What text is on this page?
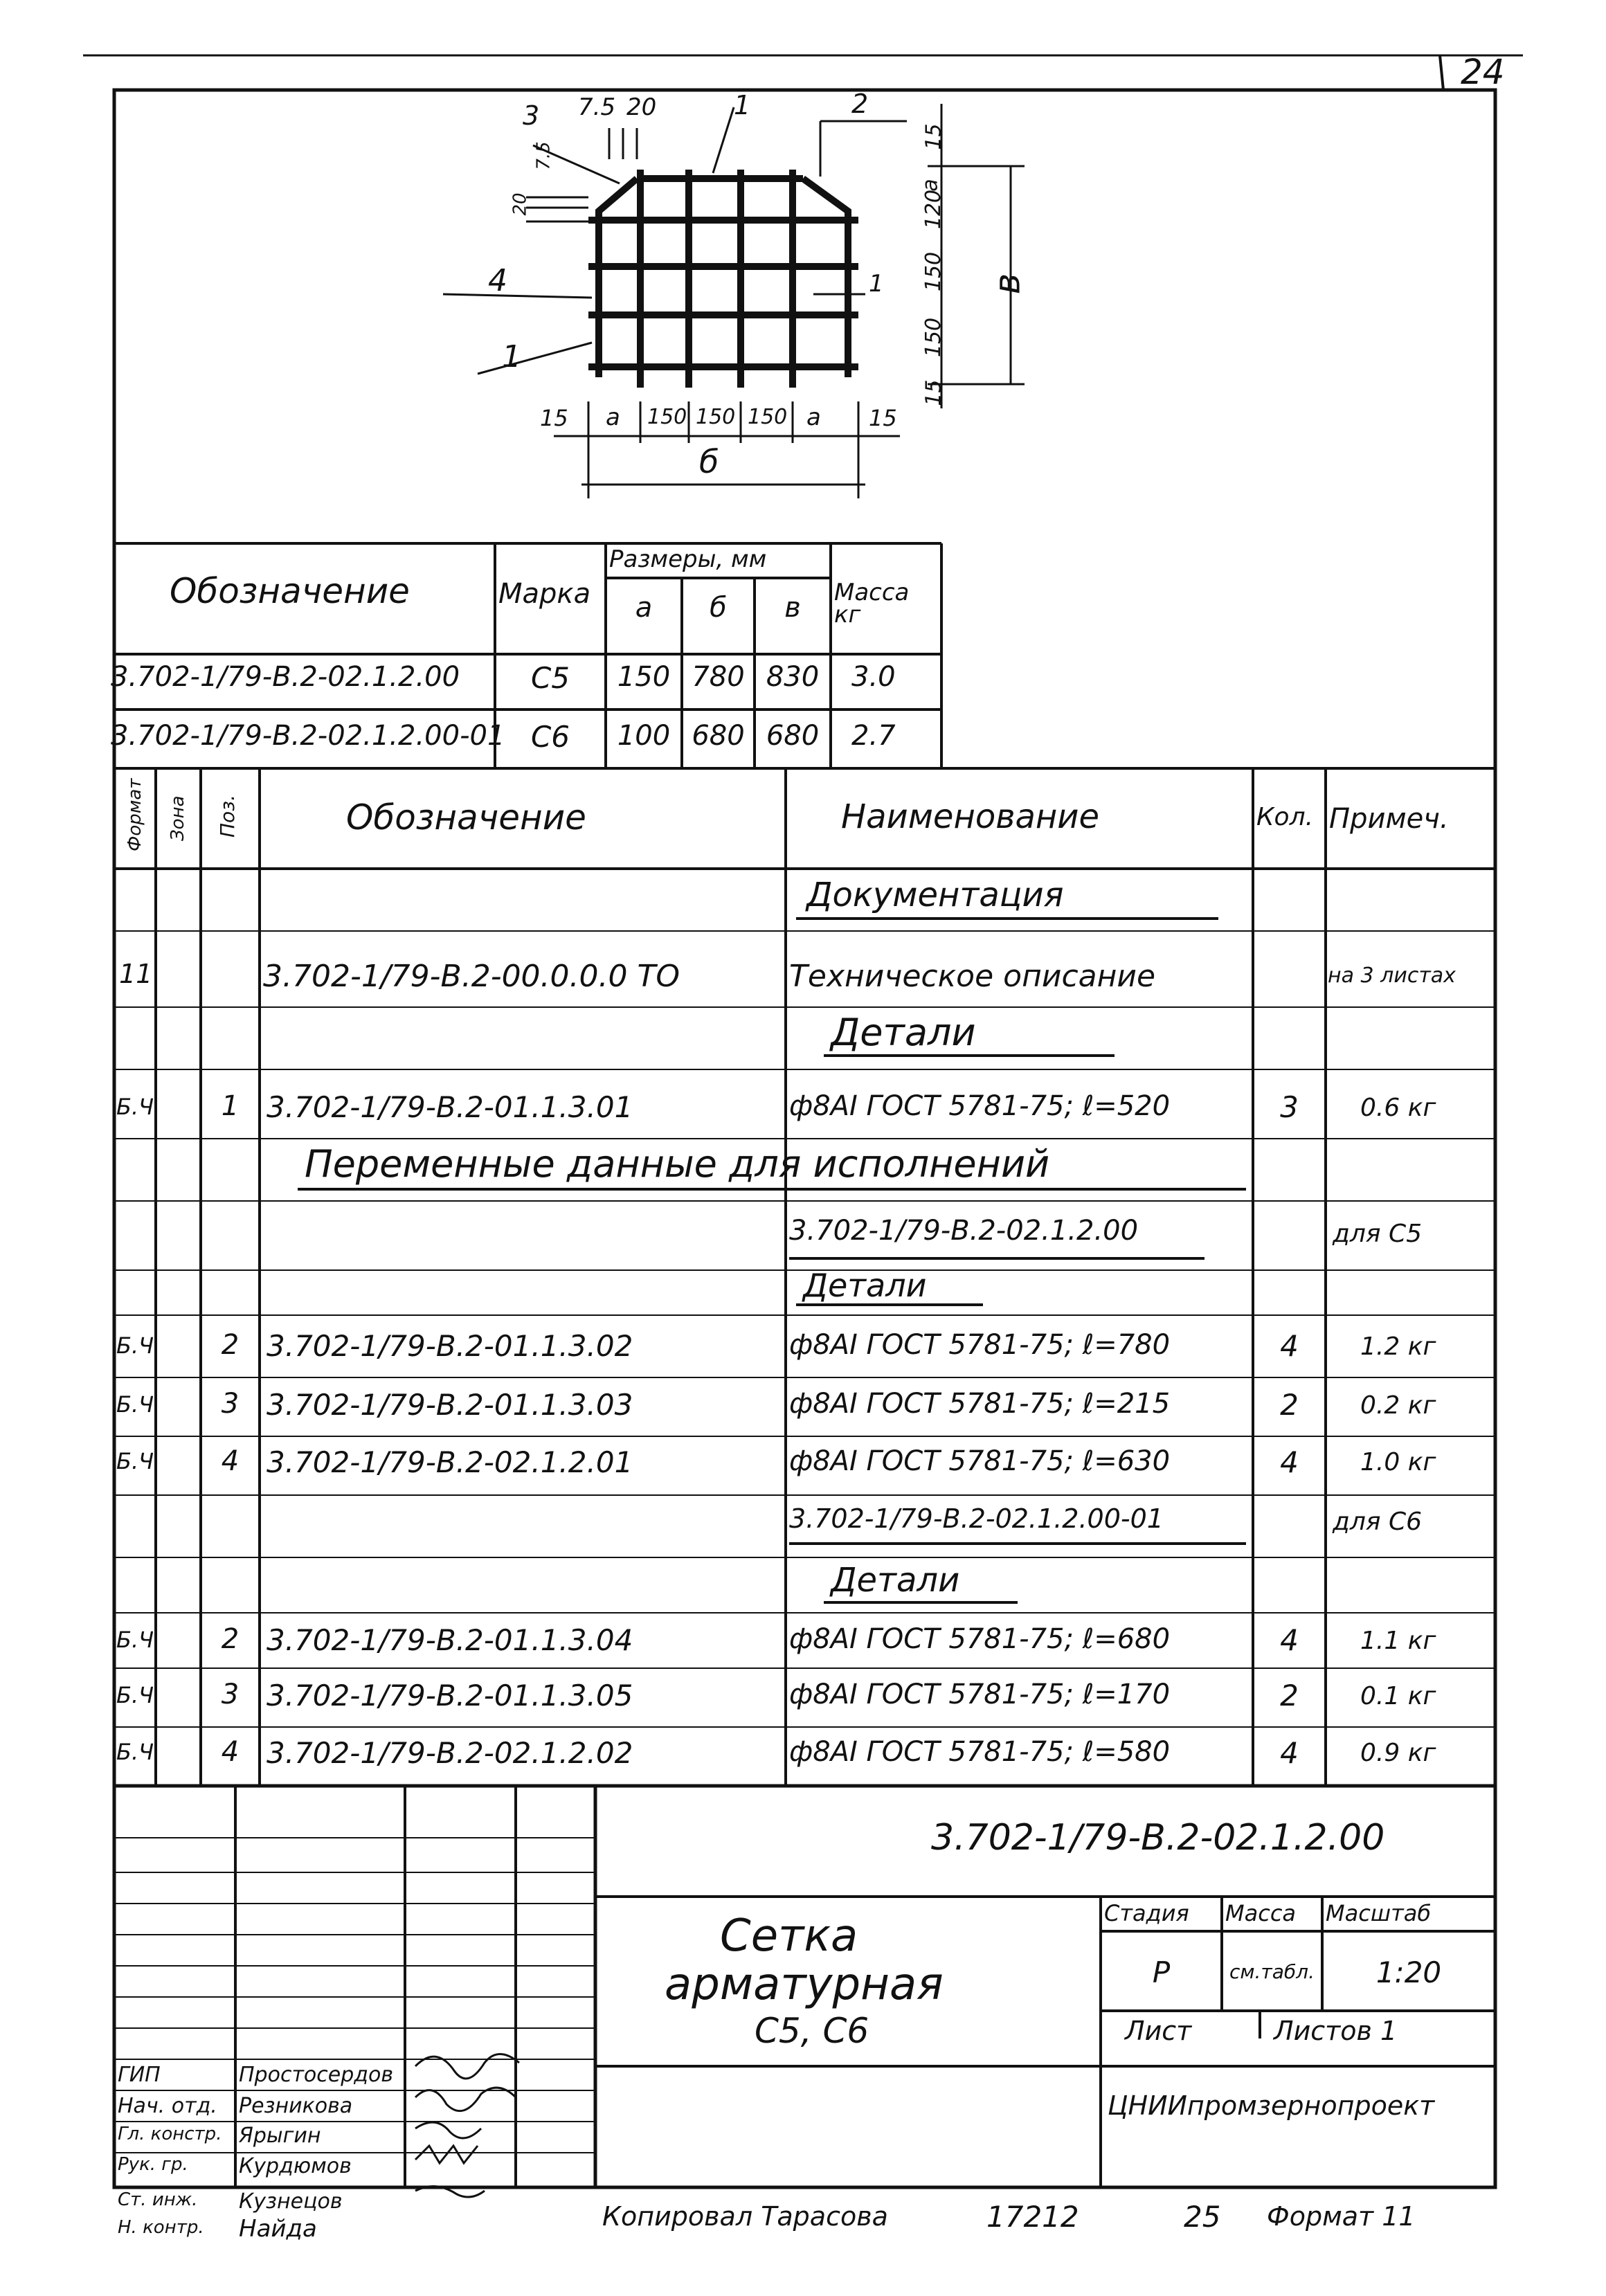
24
3 7.5 20	1	2
4
1
1
15
120
a
150
150
15
в
20
7.5
15 a 150 150 150 a 15
б
Обозначение	Марка
Размеры, мм
а	б	в	Масса кг
3.702-1/79-В.2-02.1.2.00	С5	150 780 830	3.0
3.702-1/79-В.2-02.1.2.00-01 С6	100 680 680	2.7
Формат Зона Поз.	Обозначение	Наименование	Кол. Примеч.
Документация
11	3.702-1/79-В.2-00.0.0.0 ТО	Техническое описание	на 3 листах
Детали
Б.Ч	1 3.702-1/79-В.2-01.1.3.01	ф8АI ГОСТ 5781-75; ℓ=520	3	0.6 кг
Переменные данные для исполнений
3.702-1/79-В.2-02.1.2.00	для С5
Детали
Б.Ч	2 3.702-1/79-В.2-01.1.3.02	ф8АI ГОСТ 5781-75; ℓ=780	4	1.2 кг
Б.Ч	3 3.702-1/79-В.2-01.1.3.03	ф8АI ГОСТ 5781-75; ℓ=215	2	0.2 кг
Б.Ч	4 3.702-1/79-В.2-02.1.2.01	ф8АI ГОСТ 5781-75; ℓ=630	4	1.0 кг
3.702-1/79-В.2-02.1.2.00-01	для С6
Детали
Б.Ч	2 3.702-1/79-В.2-01.1.3.04	ф8АI ГОСТ 5781-75; ℓ=680	4	1.1 кг
Б.Ч	3 3.702-1/79-В.2-01.1.3.05	ф8АI ГОСТ 5781-75; ℓ=170	2	0.1 кг
Б.Ч	4 3.702-1/79-В.2-02.1.2.02	ф8АI ГОСТ 5781-75; ℓ=580	4	0.9 кг
3.702-1/79-В.2-02.1.2.00
Сетка
арматурная
С5, С6
Стадия Масса Масштаб
Р	см.табл.	1:20
Лист	Листов 1
ЦНИИпромзернопроект
ГИП	Простосердов
Нач. отд. Резникова
Гл. констр. Ярыгин
Рук. гр. Курдюмов
Ст. инж. Кузнецов
Н. контр. Найда	Копировал Тарасова	17212	25 Формат 11
